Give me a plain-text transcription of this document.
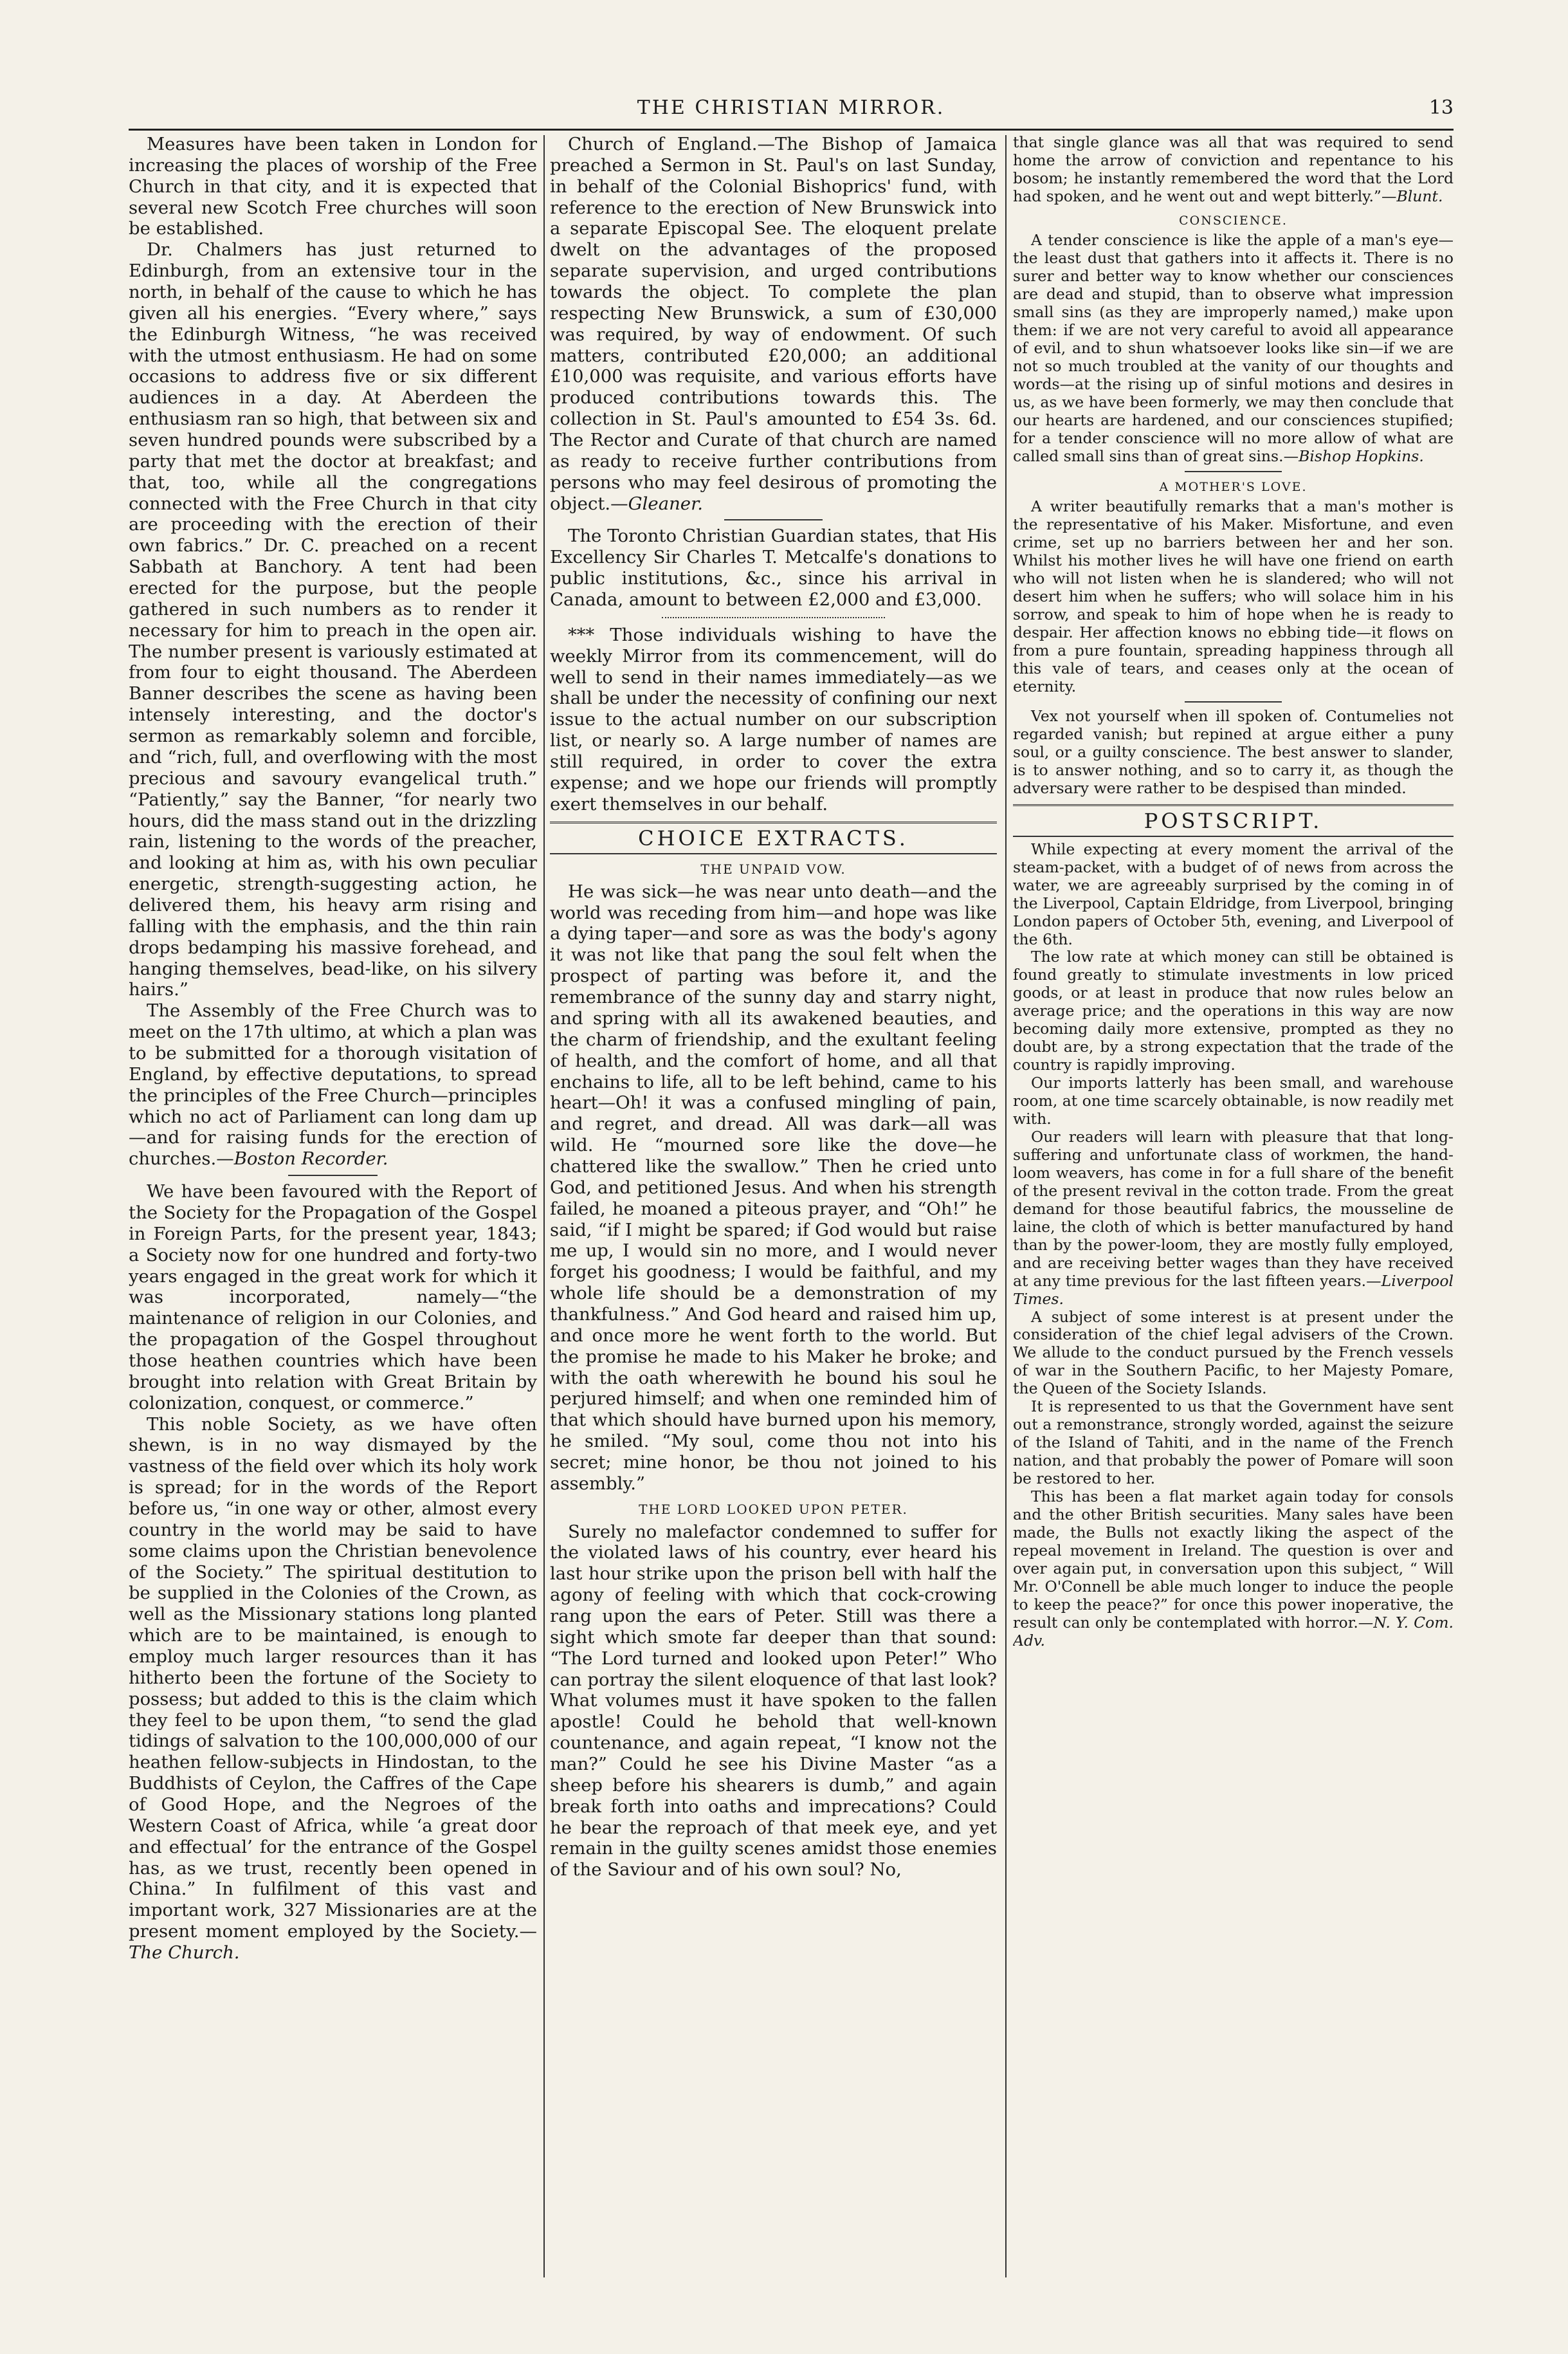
THE CHRISTIAN MIRROR.	13

Measures have been taken in London for increasing the places of worship of the Free Church in that city, and it is expected that several new Scotch Free churches will soon be established.

Dr. Chalmers has just returned to Edinburgh, from an extensive tour in the north, in behalf of the cause to which he has given all his energies. “Every where,” says the Edinburgh Witness, “he was received with the utmost enthusiasm. He had on some occasions to address five or six different audiences in a day. At Aberdeen the enthusiasm ran so high, that between six and seven hundred pounds were subscribed by a party that met the doctor at breakfast; and that, too, while all the congregations connected with the Free Church in that city are proceeding with the erection of their own fabrics.” Dr. C. preached on a recent Sabbath at Banchory. A tent had been erected for the purpose, but the people gathered in such numbers as to render it necessary for him to preach in the open air. The number present is variously estimated at from four to eight thousand. The Aberdeen Banner describes the scene as having been intensely interesting, and the doctor's sermon as remarkably solemn and forcible, and “rich, full, and overflowing with the most precious and savoury evangelical truth.” “Patiently,” say the Banner, “for nearly two hours, did the mass stand out in the drizzling rain, listening to the words of the preacher, and looking at him as, with his own peculiar energetic, strength-suggesting action, he delivered them, his heavy arm rising and falling with the emphasis, and the thin rain drops bedamping his massive forehead, and hanging themselves, bead-like, on his silvery hairs.”

The Assembly of the Free Church was to meet on the 17th ultimo, at which a plan was to be submitted for a thorough visitation of England, by effective deputations, to spread the principles of the Free Church—principles which no act of Parliament can long dam up—and for raising funds for the erection of churches.—Boston Recorder.

We have been favoured with the Report of the Society for the Propagation of the Gospel in Foreign Parts, for the present year, 1843; a Society now for one hundred and forty-two years engaged in the great work for which it was incorporated, namely—“the maintenance of religion in our Colonies, and the propagation of the Gospel throughout those heathen countries which have been brought into relation with Great Britain by colonization, conquest, or commerce.”

This noble Society, as we have often shewn, is in no way dismayed by the vastness of the field over which its holy work is spread; for in the words of the Report before us, “in one way or other, almost every country in the world may be said to have some claims upon the Christian benevolence of the Society.” The spiritual destitution to be supplied in the Colonies of the Crown, as well as the Missionary stations long planted which are to be maintained, is enough to employ much larger resources than it has hitherto been the fortune of the Society to possess; but added to this is the claim which they feel to be upon them, “to send the glad tidings of salvation to the 100,000,000 of our heathen fellow-subjects in Hindostan, to the Buddhists of Ceylon, the Caffres of the Cape of Good Hope, and the Negroes of the Western Coast of Africa, while ‘a great door and effectual’ for the entrance of the Gospel has, as we trust, recently been opened in China.” In fulfilment of this vast and important work, 327 Missionaries are at the present moment employed by the Society.—The Church.

Church of England.—The Bishop of Jamaica preached a Sermon in St. Paul's on last Sunday, in behalf of the Colonial Bishoprics' fund, with reference to the erection of New Brunswick into a separate Episcopal See. The eloquent prelate dwelt on the advantages of the proposed separate supervision, and urged contributions towards the object. To complete the plan respecting New Brunswick, a sum of £30,000 was required, by way of endowment. Of such matters, contributed £20,000; an additional £10,000 was requisite, and various efforts have produced contributions towards this. The collection in St. Paul's amounted to £54 3s. 6d. The Rector and Curate of that church are named as ready to receive further contributions from persons who may feel desirous of promoting the object.—Gleaner.

The Toronto Christian Guardian states, that His Excellency Sir Charles T. Metcalfe's donations to public institutions, &c., since his arrival in Canada, amount to between £2,000 and £3,000.

*** Those individuals wishing to have the weekly Mirror from its commencement, will do well to send in their names immediately—as we shall be under the necessity of confining our next issue to the actual number on our subscription list, or nearly so. A large number of names are still required, in order to cover the extra expense; and we hope our friends will promptly exert themselves in our behalf.

CHOICE EXTRACTS.
THE UNPAID VOW.

He was sick—he was near unto death—and the world was receding from him—and hope was like a dying taper—and sore as was the body's agony it was not like that pang the soul felt when the prospect of parting was before it, and the remembrance of the sunny day and starry night, and spring with all its awakened beauties, and the charm of friendship, and the exultant feeling of health, and the comfort of home, and all that enchains to life, all to be left behind, came to his heart—Oh! it was a confused mingling of pain, and regret, and dread. All was dark—all was wild. He “mourned sore like the dove—he chattered like the swallow.” Then he cried unto God, and petitioned Jesus. And when his strength failed, he moaned a piteous prayer, and “Oh!” he said, “if I might be spared; if God would but raise me up, I would sin no more, and I would never forget his goodness; I would be faithful, and my whole life should be a demonstration of my thankfulness.” And God heard and raised him up, and once more he went forth to the world. But the promise he made to his Maker he broke; and with the oath wherewith he bound his soul he perjured himself; and when one reminded him of that which should have burned upon his memory, he smiled. “My soul, come thou not into his secret; mine honor, be thou not joined to his assembly.”

THE LORD LOOKED UPON PETER.

Surely no malefactor condemned to suffer for the violated laws of his country, ever heard his last hour strike upon the prison bell with half the agony of feeling with which that cock-crowing rang upon the ears of Peter. Still was there a sight which smote far deeper than that sound: “The Lord turned and looked upon Peter!” Who can portray the silent eloquence of that last look? What volumes must it have spoken to the fallen apostle! Could he behold that well-known countenance, and again repeat, “I know not the man?” Could he see his Divine Master “as a sheep before his shearers is dumb,” and again break forth into oaths and imprecations? Could he bear the reproach of that meek eye, and yet remain in the guilty scenes amidst those enemies of the Saviour and of his own soul? No,

that single glance was all that was required to send home the arrow of conviction and repentance to his bosom; he instantly remembered the word that the Lord had spoken, and he went out and wept bitterly.”—Blunt.

CONSCIENCE.

A tender conscience is like the apple of a man's eye—the least dust that gathers into it affects it. There is no surer and better way to know whether our consciences are dead and stupid, than to observe what impression small sins (as they are improperly named,) make upon them: if we are not very careful to avoid all appearance of evil, and to shun whatsoever looks like sin—if we are not so much troubled at the vanity of our thoughts and words—at the rising up of sinful motions and desires in us, as we have been formerly, we may then conclude that our hearts are hardened, and our consciences stupified; for a tender conscience will no more allow of what are called small sins than of great sins.—Bishop Hopkins.

A MOTHER'S LOVE.

A writer beautifully remarks that a man's mother is the representative of his Maker. Misfortune, and even crime, set up no barriers between her and her son. Whilst his mother lives he will have one friend on earth who will not listen when he is slandered; who will not desert him when he suffers; who will solace him in his sorrow, and speak to him of hope when he is ready to despair. Her affection knows no ebbing tide—it flows on from a pure fountain, spreading happiness through all this vale of tears, and ceases only at the ocean of eternity.

Vex not yourself when ill spoken of. Contumelies not regarded vanish; but repined at argue either a puny soul, or a guilty conscience. The best answer to slander, is to answer nothing, and so to carry it, as though the adversary were rather to be despised than minded.

POSTSCRIPT.

While expecting at every moment the arrival of the steam-packet, with a budget of of news from across the water, we are agreeably surprised by the coming in of the Liverpool, Captain Eldridge, from Liverpool, bringing London papers of October 5th, evening, and Liverpool of the 6th.

The low rate at which money can still be obtained is found greatly to stimulate investments in low priced goods, or at least in produce that now rules below an average price; and the operations in this way are now becoming daily more extensive, prompted as they no doubt are, by a strong expectation that the trade of the country is rapidly improving.

Our imports latterly has been small, and warehouse room, at one time scarcely obtainable, is now readily met with.

Our readers will learn with pleasure that that long-suffering and unfortunate class of workmen, the hand-loom weavers, has come in for a full share of the benefit of the present revival in the cotton trade. From the great demand for those beautiful fabrics, the mousseline de laine, the cloth of which is better manufactured by hand than by the power-loom, they are mostly fully employed, and are receiving better wages than they have received at any time previous for the last fifteen years.—Liverpool Times.

A subject of some interest is at present under the consideration of the chief legal advisers of the Crown. We allude to the conduct pursued by the French vessels of war in the Southern Pacific, to her Majesty Pomare, the Queen of the Society Islands.

It is represented to us that the Government have sent out a remonstrance, strongly worded, against the seizure of the Island of Tahiti, and in the name of the French nation, and that probably the power of Pomare will soon be restored to her.

This has been a flat market again today for consols and the other British securities. Many sales have been made, the Bulls not exactly liking the aspect of the repeal movement in Ireland. The question is over and over again put, in conversation upon this subject, “ Will Mr. O'Connell be able much longer to induce the people to keep the peace?” for once this power inoperative, the result can only be contemplated with horror.—N. Y. Com. Adv.
